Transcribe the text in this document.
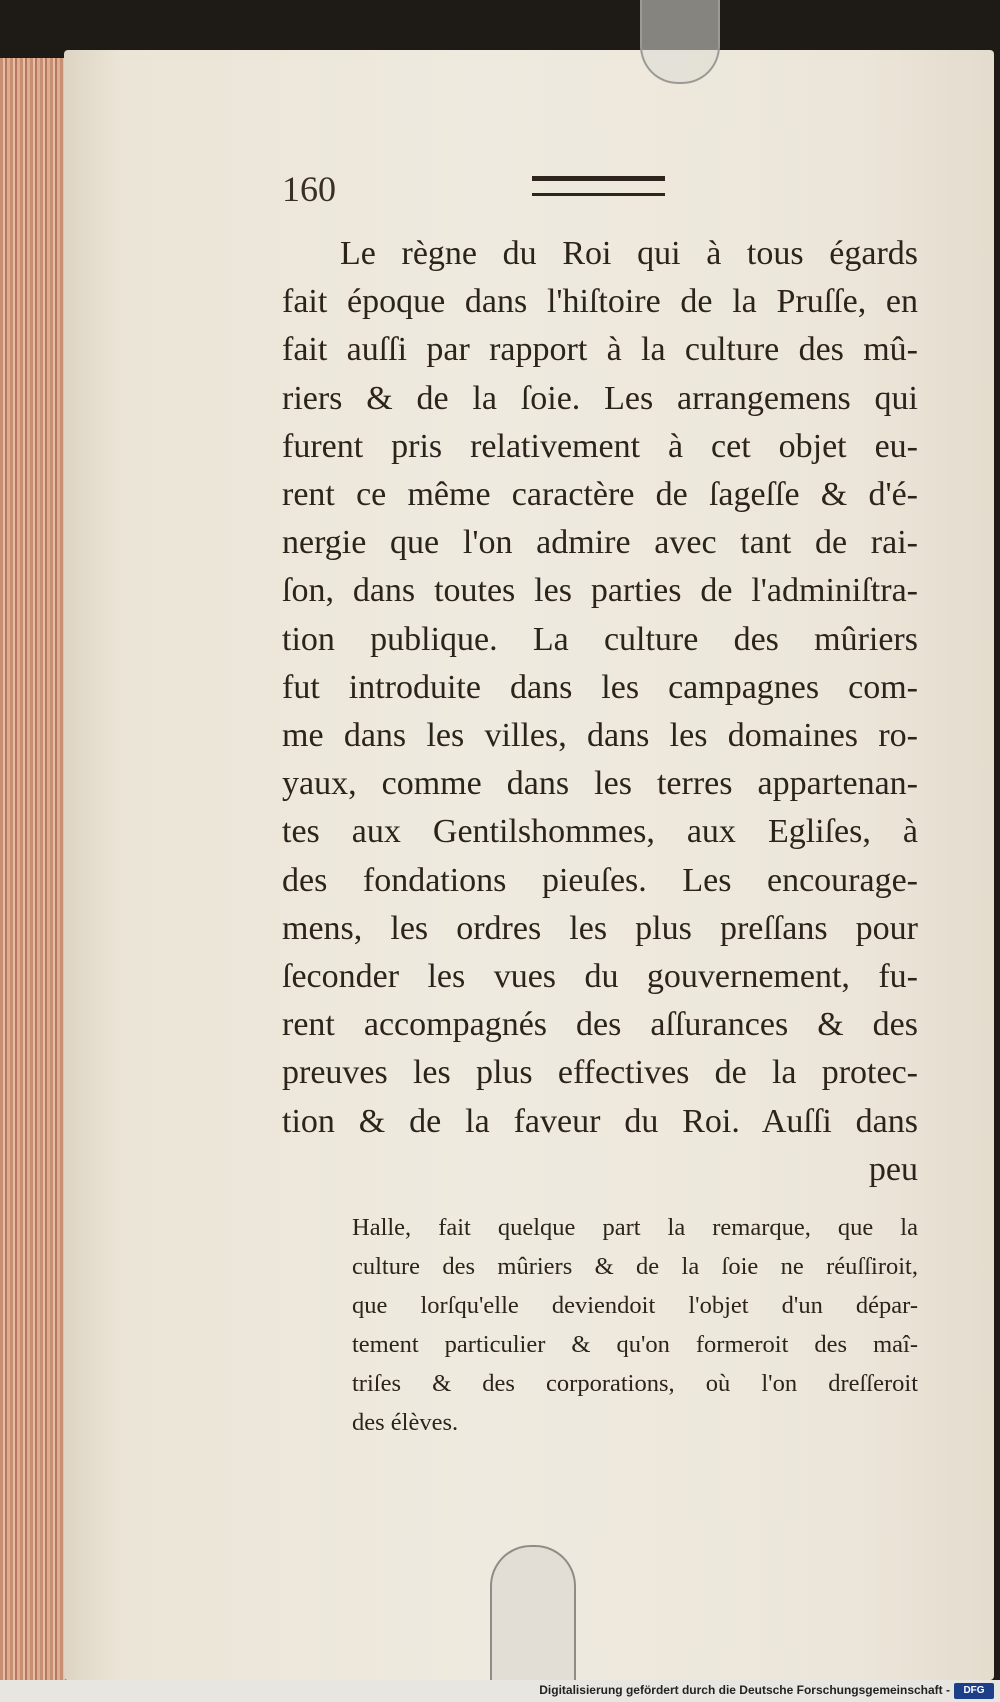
160
Le règne du Roi qui à tous égards
fait époque dans l'hiſtoire de la Pruſſe, en
fait auſſi par rapport à la culture des mû-
riers & de la ſoie. Les arrangemens qui
furent pris relativement à cet objet eu-
rent ce même caractère de ſageſſe & d'é-
nergie que l'on admire avec tant de rai-
ſon, dans toutes les parties de l'adminiſtra-
tion publique. La culture des mûriers
fut introduite dans les campagnes com-
me dans les villes, dans les domaines ro-
yaux, comme dans les terres appartenan-
tes aux Gentilshommes, aux Egliſes, à
des fondations pieuſes. Les encourage-
mens, les ordres les plus preſſans pour
ſeconder les vues du gouvernement, fu-
rent accompagnés des aſſurances & des
preuves les plus effectives de la protec-
tion & de la faveur du Roi. Auſſi dans
peu
Halle, fait quelque part la remarque, que la
culture des mûriers & de la ſoie ne réuſſiroit,
que lorſqu'elle deviendoit l'objet d'un dépar-
tement particulier & qu'on formeroit des maî-
triſes & des corporations, où l'on dreſſeroit
des élèves.
Digitalisierung gefördert durch die Deutsche Forschungsgemeinschaft -	DFG
